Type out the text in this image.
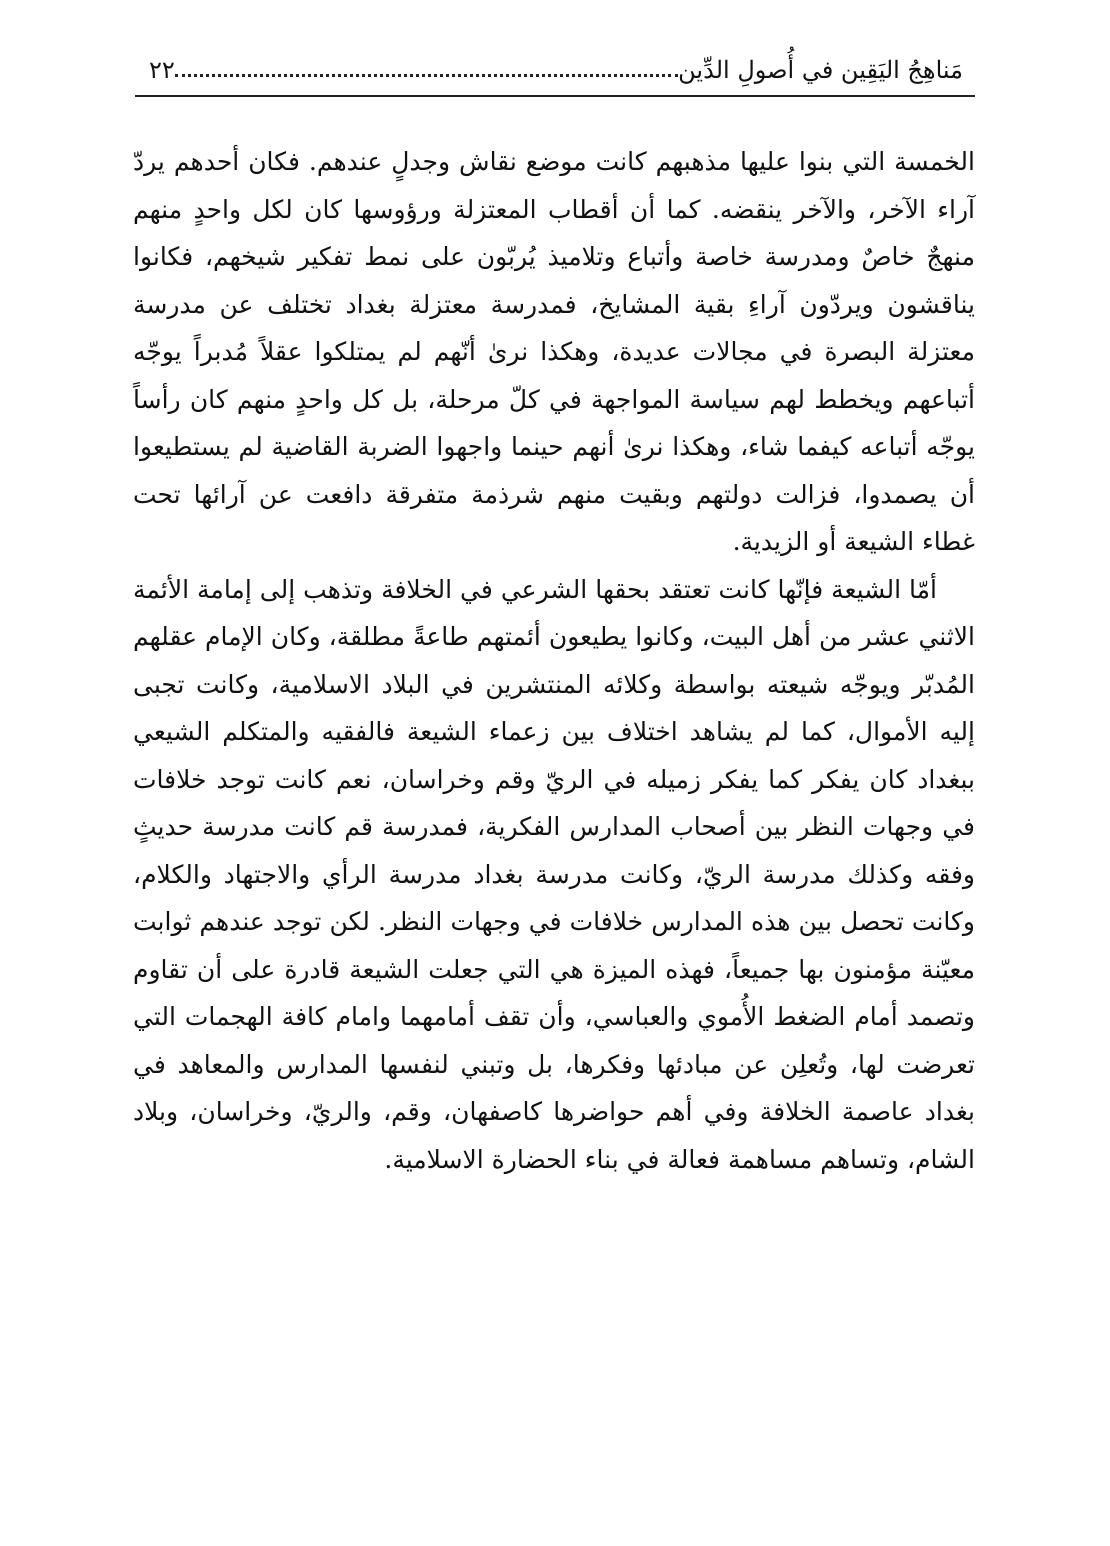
مَناهِجُ اليَقِين في أُصولِ الدِّين
٢٢

الخمسة التي بنوا عليها مذهبهم كانت موضع نقاش وجدلٍ عندهم. فكان أحدهم يردّ آراء الآخر، والآخر ينقضه. كما أن أقطاب المعتزلة ورؤوسها كان لكل واحدٍ منهم منهجٌ خاصٌ ومدرسة خاصة وأتباع وتلاميذ يُربّون على نمط تفكير شيخهم، فكانوا يناقشون ويردّون آراءِ بقية المشايخ، فمدرسة معتزلة بغداد تختلف عن مدرسة معتزلة البصرة في مجالات عديدة، وهكذا نرىٰ أنّهم لم يمتلكوا عقلاً مُدبراً يوجّه أتباعهم ويخطط لهم سياسة المواجهة في كلّ مرحلة، بل كل واحدٍ منهم كان رأساً يوجّه أتباعه كيفما شاء، وهكذا نرىٰ أنهم حينما واجهوا الضربة القاضية لم يستطيعوا أن يصمدوا، فزالت دولتهم وبقيت منهم شرذمة متفرقة دافعت عن آرائها تحت غطاء الشيعة أو الزيدية.

أمّا الشيعة فإنّها كانت تعتقد بحقها الشرعي في الخلافة وتذهب إلى إمامة الأئمة الاثني عشر من أهل البيت، وكانوا يطيعون أئمتهم طاعةً مطلقة، وكان الإمام عقلهم المُدبّر ويوجّه شيعته بواسطة وكلائه المنتشرين في البلاد الاسلامية، وكانت تجبى إليه الأموال، كما لم يشاهد اختلاف بين زعماء الشيعة فالفقيه والمتكلم الشيعي ببغداد كان يفكر كما يفكر زميله في الريّ وقم وخراسان، نعم كانت توجد خلافات في وجهات النظر بين أصحاب المدارس الفكرية، فمدرسة قم كانت مدرسة حديثٍ وفقه وكذلك مدرسة الريّ، وكانت مدرسة بغداد مدرسة الرأي والاجتهاد والكلام، وكانت تحصل بين هذه المدارس خلافات في وجهات النظر. لكن توجد عندهم ثوابت معيّنة مؤمنون بها جميعاً، فهذه الميزة هي التي جعلت الشيعة قادرة على أن تقاوم وتصمد أمام الضغط الأُموي والعباسي، وأن تقف أمامهما وامام كافة الهجمات التي تعرضت لها، وتُعلِن عن مبادئها وفكرها، بل وتبني لنفسها المدارس والمعاهد في بغداد عاصمة الخلافة وفي أهم حواضرها كاصفهان، وقم، والريّ، وخراسان، وبلاد الشام، وتساهم مساهمة فعالة في بناء الحضارة الاسلامية.
